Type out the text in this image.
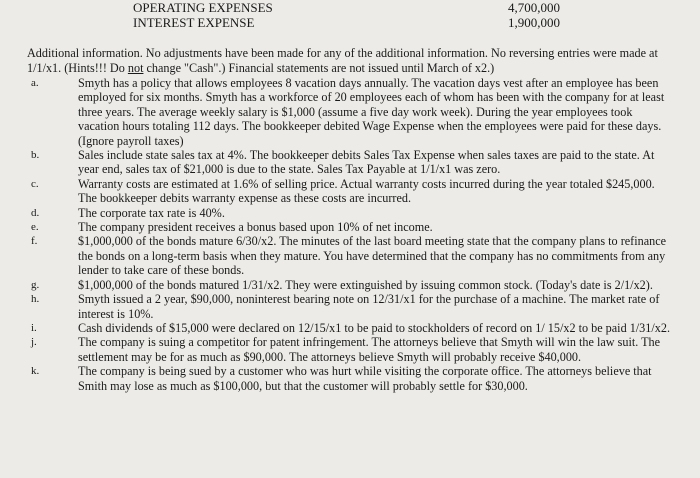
OPERATING EXPENSES	4,700,000
INTEREST EXPENSE	1,900,000
Additional information. No adjustments have been made for any of the additional information. No reversing entries were made at 1/1/x1. (Hints!!! Do not change "Cash".) Financial statements are not issued until March of x2.)
a.	Smyth has a policy that allows employees 8 vacation days annually. The vacation days vest after an employee has been employed for six months. Smyth has a workforce of 20 employees each of whom has been with the company for at least three years. The average weekly salary is $1,000 (assume a five day work week). During the year employees took vacation hours totaling 112 days. The bookkeeper debited Wage Expense when the employees were paid for these days. (Ignore payroll taxes)
b.	Sales include state sales tax at 4%. The bookkeeper debits Sales Tax Expense when sales taxes are paid to the state. At year end, sales tax of $21,000 is due to the state. Sales Tax Payable at 1/1/x1 was zero.
c.	Warranty costs are estimated at 1.6% of selling price. Actual warranty costs incurred during the year totaled $245,000. The bookkeeper debits warranty expense as these costs are incurred.
d.	The corporate tax rate is 40%.
e.	The company president receives a bonus based upon 10% of net income.
f.	$1,000,000 of the bonds mature 6/30/x2. The minutes of the last board meeting state that the company plans to refinance the bonds on a long-term basis when they mature. You have determined that the company has no commitments from any lender to take care of these bonds.
g.	$1,000,000 of the bonds matured 1/31/x2. They were extinguished by issuing common stock. (Today's date is 2/1/x2).
h.	Smyth issued a 2 year, $90,000, noninterest bearing note on 12/31/x1 for the purchase of a machine. The market rate of interest is 10%.
i.	Cash dividends of $15,000 were declared on 12/15/x1 to be paid to stockholders of record on 1/ 15/x2 to be paid 1/31/x2.
j.	The company is suing a competitor for patent infringement. The attorneys believe that Smyth will win the law suit. The settlement may be for as much as $90,000. The attorneys believe Smyth will probably receive $40,000.
k.	The company is being sued by a customer who was hurt while visiting the corporate office. The attorneys believe that Smith may lose as much as $100,000, but that the customer will probably settle for $30,000.
